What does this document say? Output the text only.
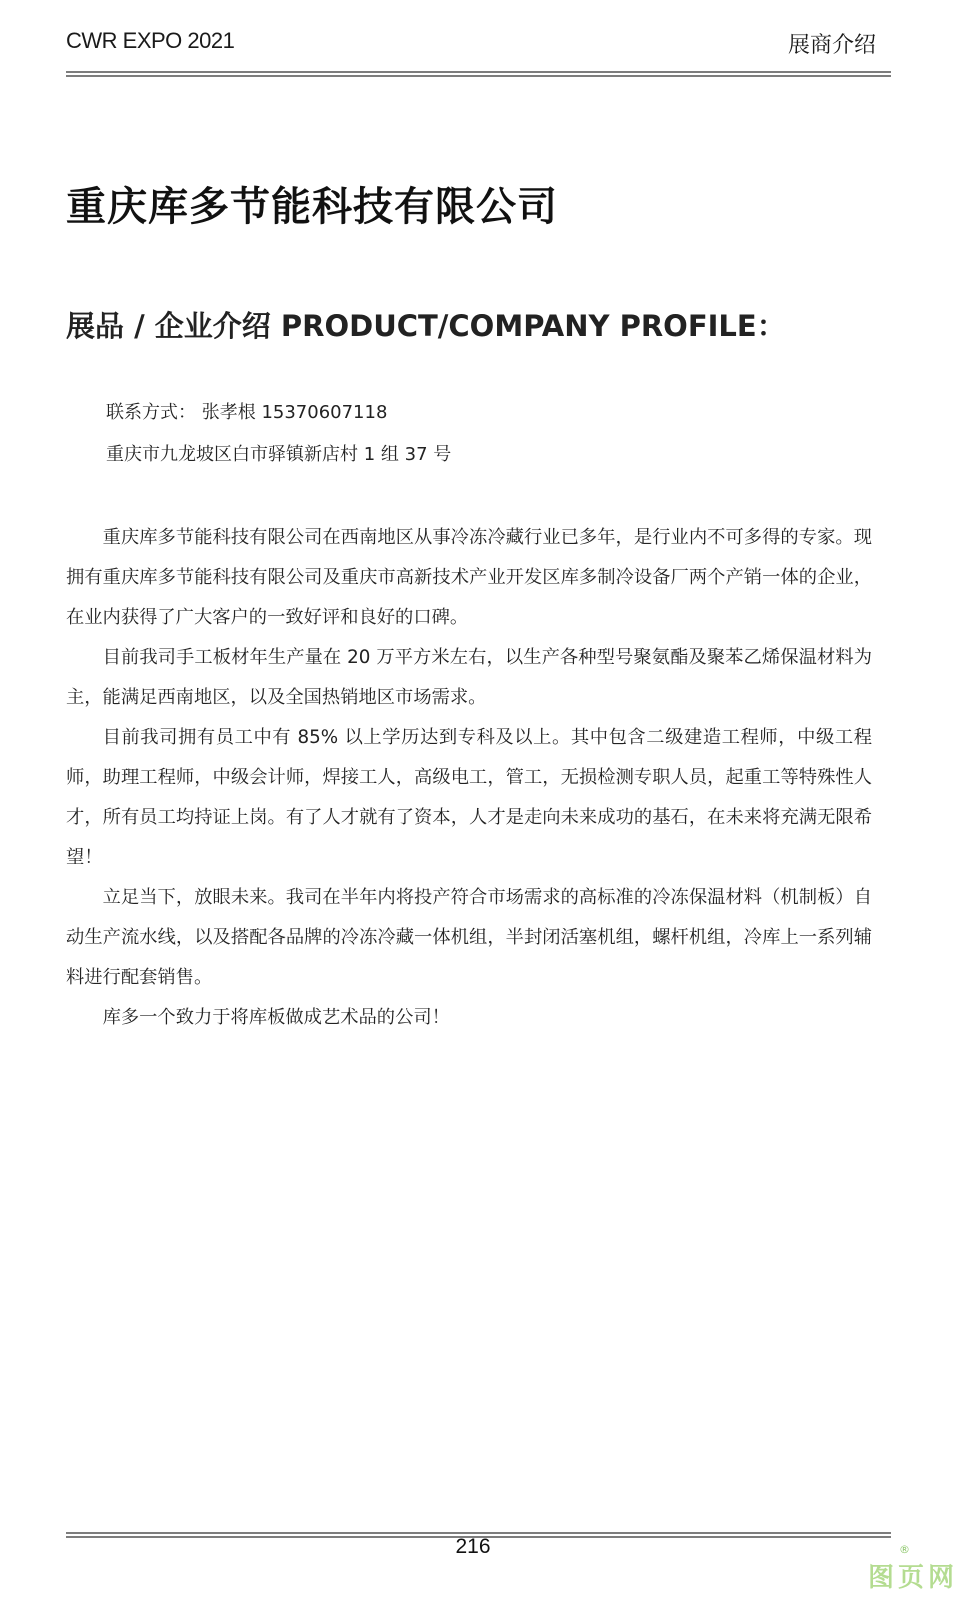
CWR EXPO 2021	展商介绍
重庆库多节能科技有限公司
展品 / 企业介绍 PRODUCT/COMPANY PROFILE：
联系方式： 张孝根 15370607118
重庆市九龙坡区白市驿镇新店村 1 组 37 号

重庆库多节能科技有限公司在西南地区从事冷冻冷藏行业已多年，是行业内不可多得的专家。现拥有重庆库多节能科技有限公司及重庆市高新技术产业开发区库多制冷设备厂两个产销一体的企业，在业内获得了广大客户的一致好评和良好的口碑。

目前我司手工板材年生产量在 20 万平方米左右，以生产各种型号聚氨酯及聚苯乙烯保温材料为主，能满足西南地区，以及全国热销地区市场需求。

目前我司拥有员工中有 85% 以上学历达到专科及以上。其中包含二级建造工程师，中级工程师，助理工程师，中级会计师，焊接工人，高级电工，管工，无损检测专职人员，起重工等特殊性人才，所有员工均持证上岗。有了人才就有了资本，人才是走向未来成功的基石，在未来将充满无限希望！

立足当下，放眼未来。我司在半年内将投产符合市场需求的高标准的冷冻保温材料（机制板）自动生产流水线，以及搭配各品牌的冷冻冷藏一体机组，半封闭活塞机组，螺杆机组，冷库上一系列辅料进行配套销售。

库多一个致力于将库板做成艺术品的公司！

216
图页网
®
